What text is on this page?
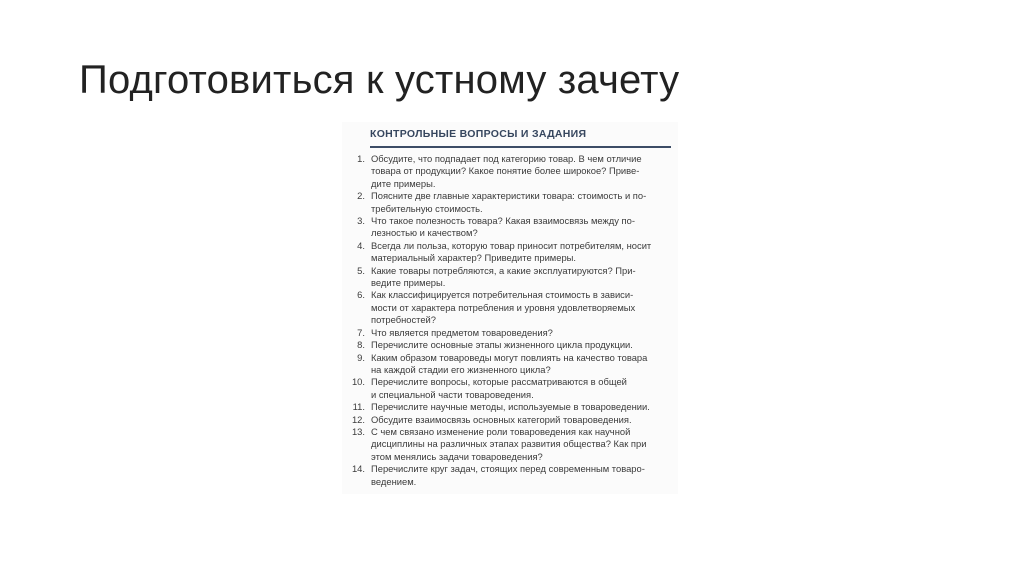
Подготовиться к устному зачету
КОНТРОЛЬНЫЕ ВОПРОСЫ И ЗАДАНИЯ
1. Обсудите, что подпадает под категорию товар. В чем отличие
товара от продукции? Какое понятие более широкое? Приве-
дите примеры.
2. Поясните две главные характеристики товара: стоимость и по-
требительную стоимость.
3. Что такое полезность товара? Какая взаимосвязь между по-
лезностью и качеством?
4. Всегда ли польза, которую товар приносит потребителям, носит
материальный характер? Приведите примеры.
5. Какие товары потребляются, а какие эксплуатируются? При-
ведите примеры.
6. Как классифицируется потребительная стоимость в зависи-
мости от характера потребления и уровня удовлетворяемых
потребностей?
7. Что является предметом товароведения?
8. Перечислите основные этапы жизненного цикла продукции.
9. Каким образом товароведы могут повлиять на качество товара
на каждой стадии его жизненного цикла?
10. Перечислите вопросы, которые рассматриваются в общей
и специальной части товароведения.
11. Перечислите научные методы, используемые в товароведении.
12. Обсудите взаимосвязь основных категорий товароведения.
13. С чем связано изменение роли товароведения как научной
дисциплины на различных этапах развития общества? Как при
этом менялись задачи товароведения?
14. Перечислите круг задач, стоящих перед современным товаро-
ведением.
